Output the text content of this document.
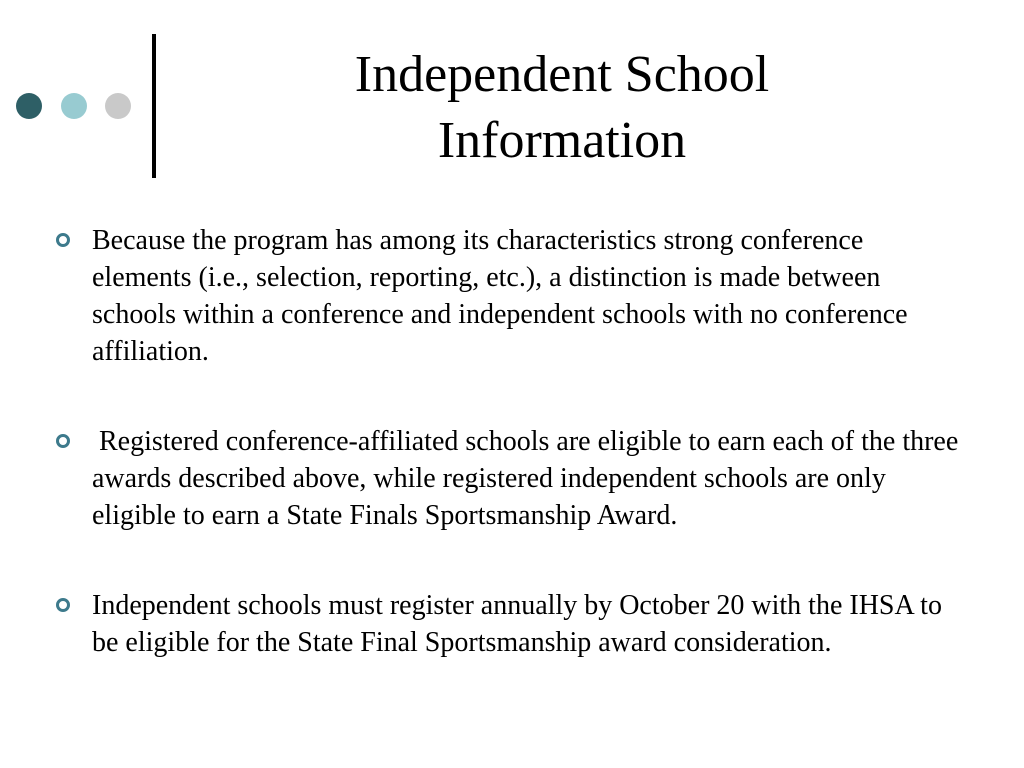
Independent School
Information
Because the program has among its characteristics strong conference elements (i.e., selection, reporting, etc.), a distinction is made between schools within a conference and independent schools with no conference affiliation.
Registered conference-affiliated schools are eligible to earn each of the three awards described above, while registered independent schools are only eligible to earn a State Finals Sportsmanship Award.
Independent schools must register annually by October 20 with the IHSA to be eligible for the State Final Sportsmanship award consideration.
